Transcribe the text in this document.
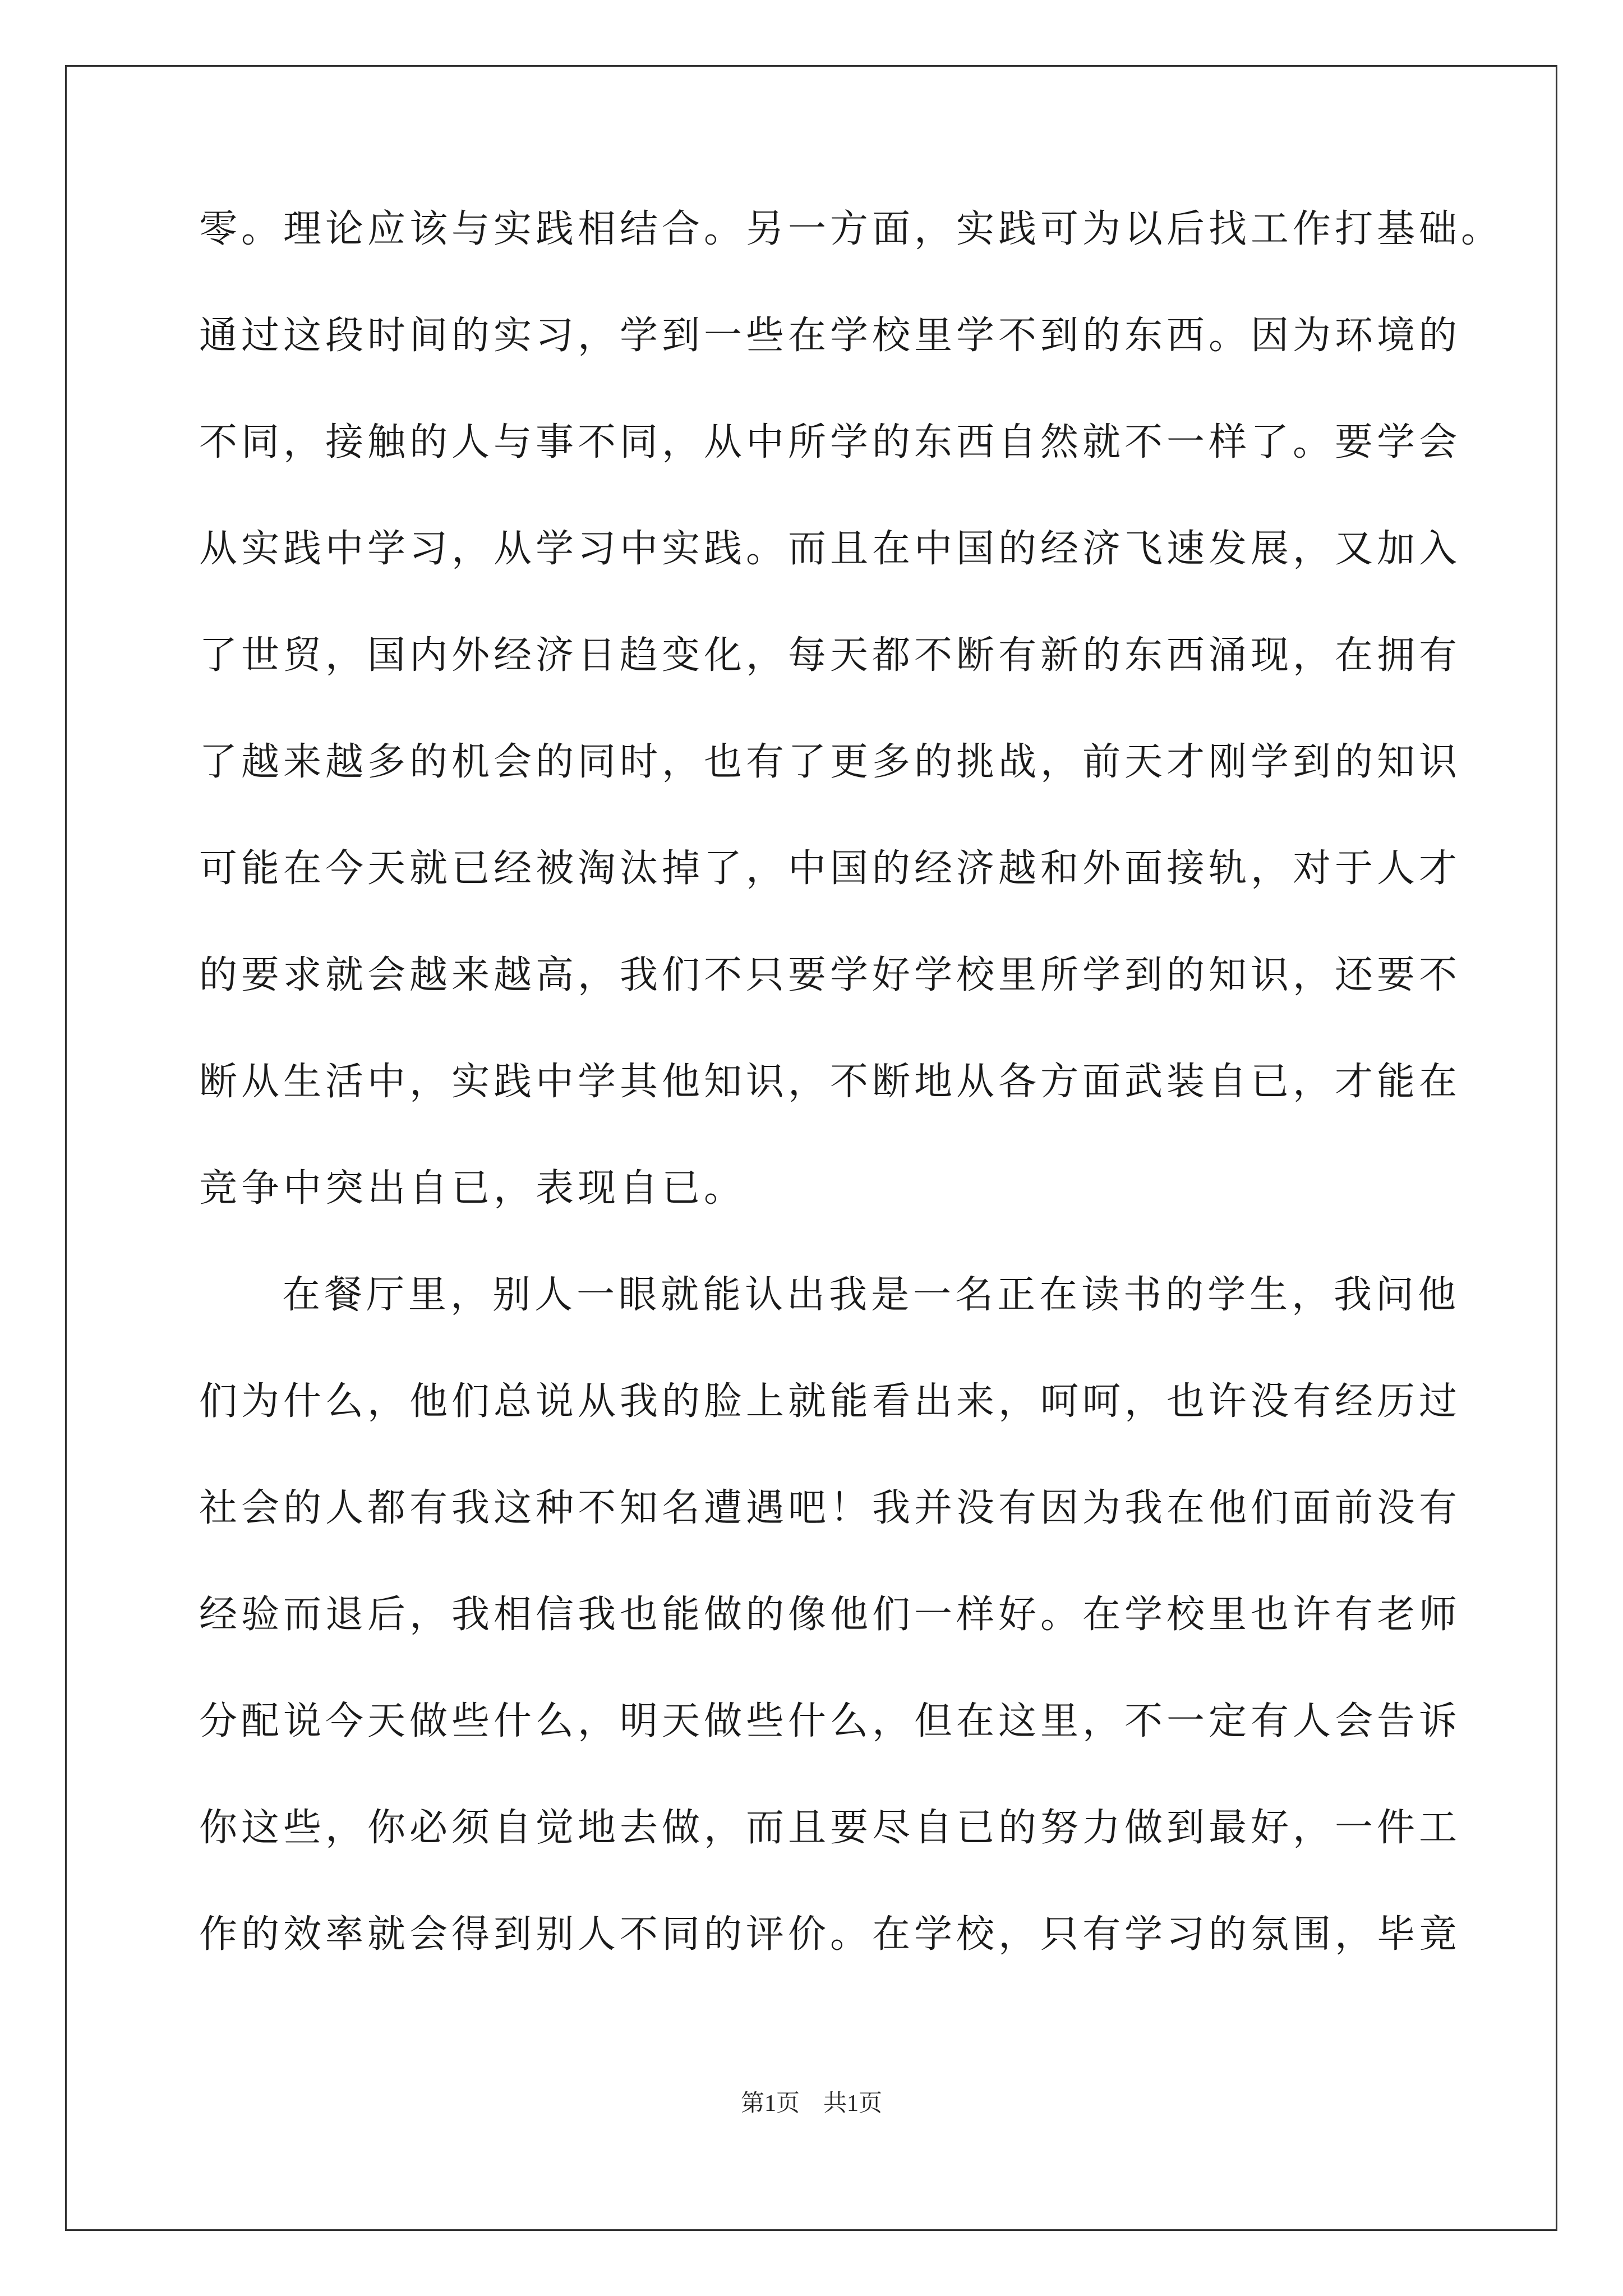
零。理论应该与实践相结合。另一方面，实践可为以后找工作打基础。
通过这段时间的实习，学到一些在学校里学不到的东西。因为环境的
不同，接触的人与事不同，从中所学的东西自然就不一样了。要学会
从实践中学习，从学习中实践。而且在中国的经济飞速发展，又加入
了世贸，国内外经济日趋变化，每天都不断有新的东西涌现，在拥有
了越来越多的机会的同时，也有了更多的挑战，前天才刚学到的知识
可能在今天就已经被淘汰掉了，中国的经济越和外面接轨，对于人才
的要求就会越来越高，我们不只要学好学校里所学到的知识，还要不
断从生活中，实践中学其他知识，不断地从各方面武装自已，才能在
竞争中突出自已，表现自已。
在餐厅里，别人一眼就能认出我是一名正在读书的学生，我问他
们为什么，他们总说从我的脸上就能看出来，呵呵，也许没有经历过
社会的人都有我这种不知名遭遇吧！我并没有因为我在他们面前没有
经验而退后，我相信我也能做的像他们一样好。在学校里也许有老师
分配说今天做些什么，明天做些什么，但在这里，不一定有人会告诉
你这些，你必须自觉地去做，而且要尽自已的努力做到最好，一件工
作的效率就会得到别人不同的评价。在学校，只有学习的氛围，毕竟
第1页　共1页
